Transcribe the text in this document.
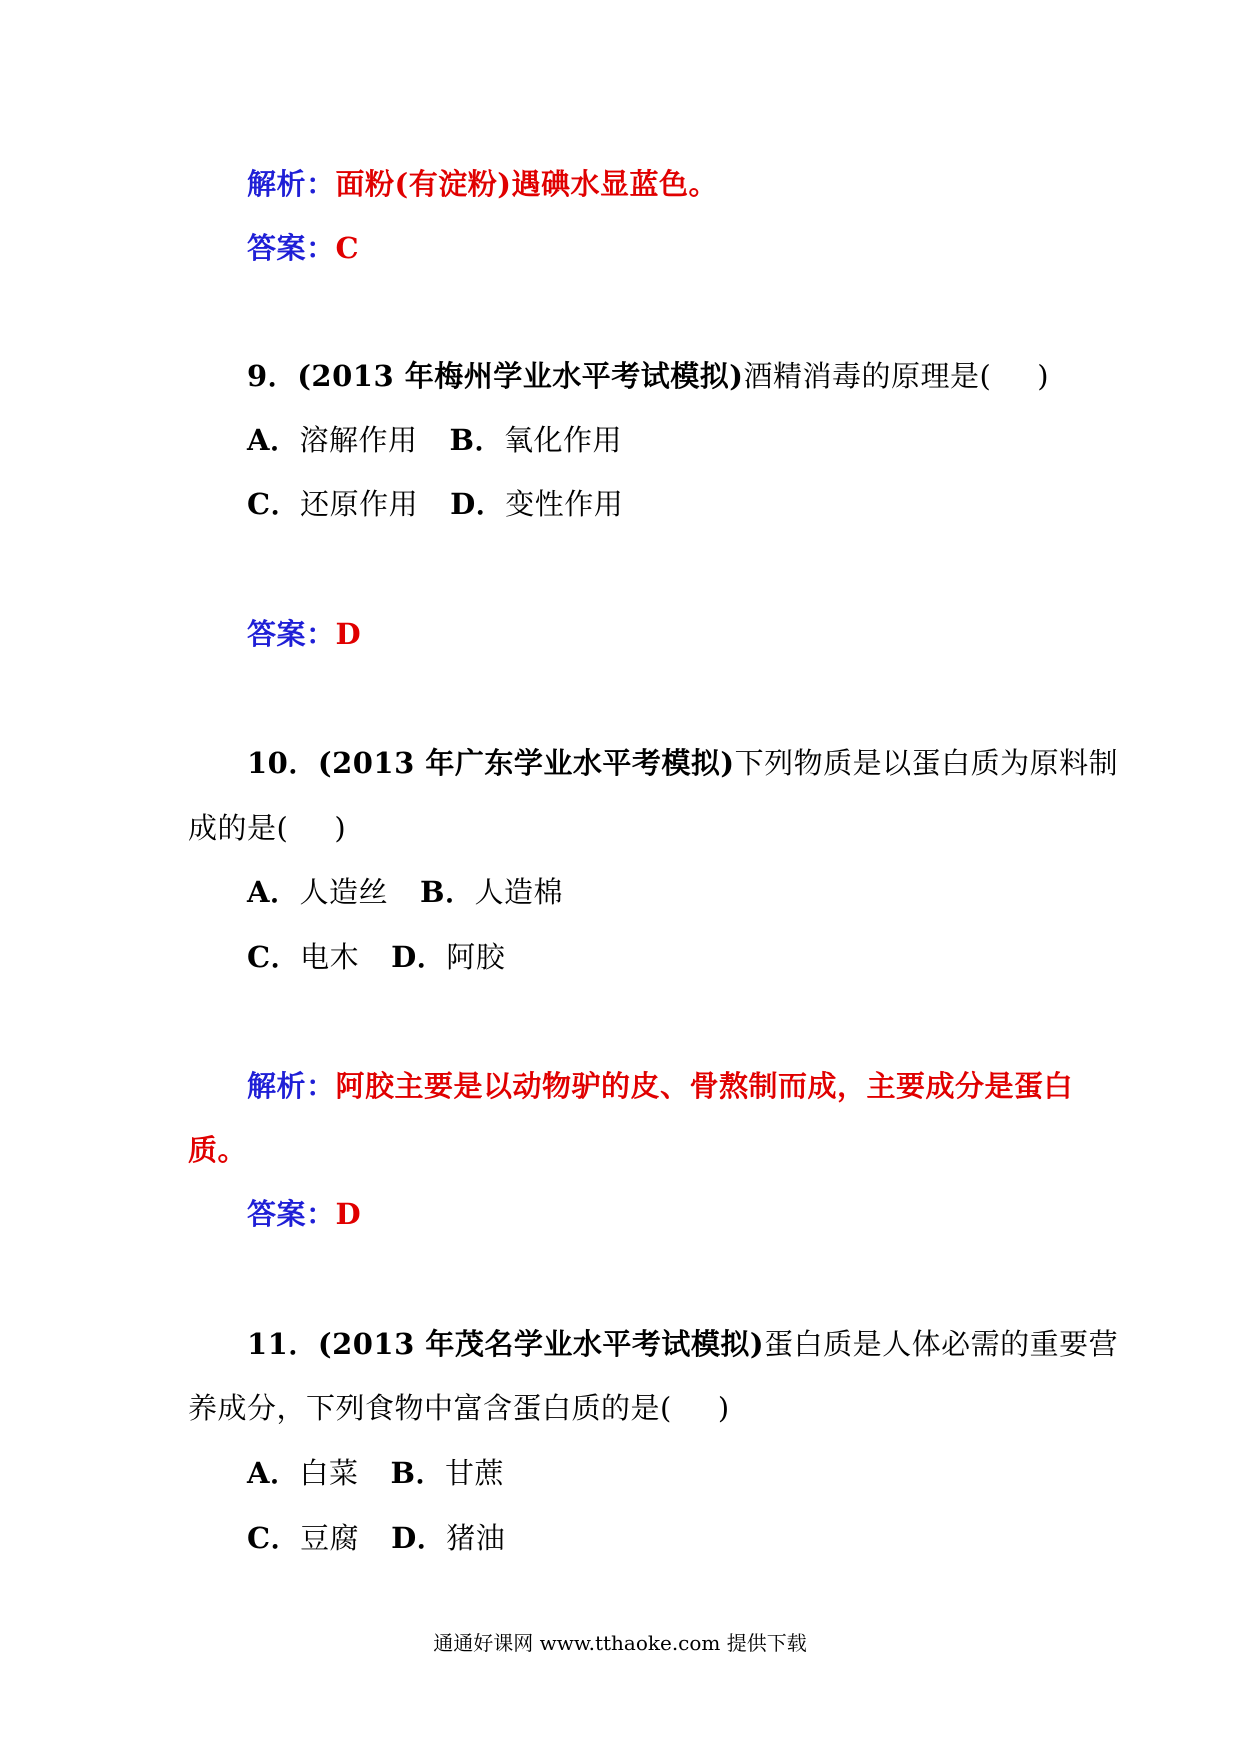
解析：面粉(有淀粉)遇碘水显蓝色。
答案：C
9．(2013 年梅州学业水平考试模拟)酒精消毒的原理是( )
A．溶解作用 B．氧化作用
C．还原作用 D．变性作用
答案：D
10．(2013 年广东学业水平考模拟)下列物质是以蛋白质为原料制
成的是( )
A．人造丝 B．人造棉
C．电木 D．阿胶
解析：阿胶主要是以动物驴的皮、骨熬制而成，主要成分是蛋白
质。
答案：D
11．(2013 年茂名学业水平考试模拟)蛋白质是人体必需的重要营
养成分，下列食物中富含蛋白质的是( )
A．白菜 B．甘蔗
C．豆腐 D．猪油
通通好课网 www.tthaoke.com 提供下载
